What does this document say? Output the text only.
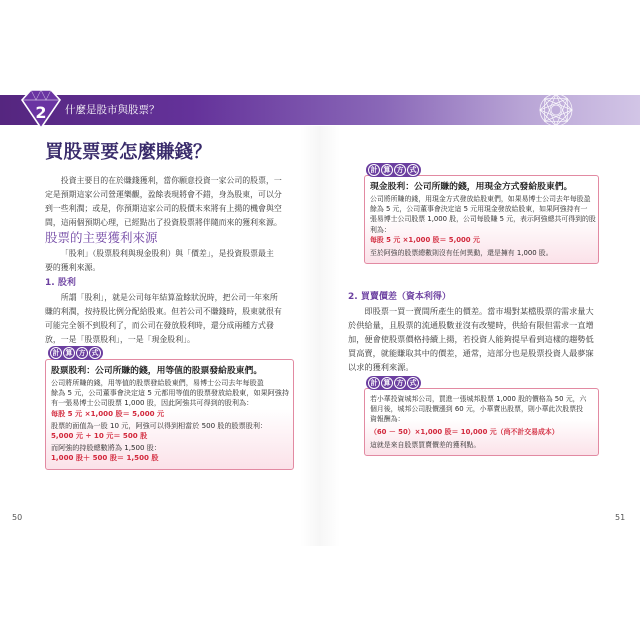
2 什麼是股市與股票？
買股票要怎麼賺錢？
投資主要目的在於賺錢獲利，當你願意投資一家公司的股票，一
定是預期這家公司營運樂觀，盈餘表現將會不錯，身為股東，可以分
到一些利潤；或是，你預期這家公司的股價未來將有上揚的機會與空
間，這兩個預期心理，已經點出了投資股票將伴隨而來的獲利來源。
股票的主要獲利來源
「股利」（股票股利與現金股利）與「價差」，是投資股票最主
要的獲利來源。
1. 股利
所謂「股利」，就是公司每年結算盈餘狀況時，把公司一年來所
賺的利潤，按持股比例分配給股東。但若公司不賺錢時，股東就很有
可能完全領不到股利了，而公司在發放股利時，還分成兩種方式發
放，一是「股票股利」，一是「現金股利」。
計 算 方 式
股票股利：公司所賺的錢，用等值的股票發給股東們。
公司將所賺的錢，用等值的股票發給股東們，易博士公司去年每股盈
餘為 5 元，公司董事會決定這 5 元都用等值的股票發放給股東，如果阿強持
有一張易博士公司股票 1,000 股，因此阿強共可得到的股利為：
每股 5 元 ×1,000 股＝ 5,000 元
股票的面值為一股 10 元，阿強可以得到相當於 500 股的股票股利：
5,000 元 ÷ 10 元＝ 500 股
而阿強的持股總數將為 1,500 股：
1,000 股＋ 500 股＝ 1,500 股
50
計 算 方 式
現金股利：公司所賺的錢，用現金方式發給股東們。
公司將所賺的錢，用現金方式發放給股東們，如果易博士公司去年每股盈
餘為 5 元，公司董事會決定這 5 元用現金發放給股東，如果阿強持有一
張易博士公司股票 1,000 股，公司每股賺 5 元，表示阿強總共可得到的股
利為：
每股 5 元 ×1,000 股＝ 5,000 元
至於阿強的股票總數則沒有任何異動，還是擁有 1,000 股。
2. 買賣價差（資本利得）
即股票一買一賣間所產生的價差。當市場對某檔股票的需求量大
於供給量，且股票的流通股數並沒有改變時，供給有限但需求一直增
加，便會使股票價格持續上揚，若投資人能夠提早看到這樣的趨勢低
買高賣，就能賺取其中的價差，通常，這部分也是股票投資人最夢寐
以求的獲利來源。
計 算 方 式
若小華投資城邦公司，買進一張城邦股票 1,000 股的價格為 50 元，六
個月後，城邦公司股價漲到 60 元，小華賣出股票，則小華此次股票投
資報酬為：
（60 － 50）×1,000 股＝ 10,000 元（尚不計交易成本）
這就是來自股票買賣價差的獲利點。
51
